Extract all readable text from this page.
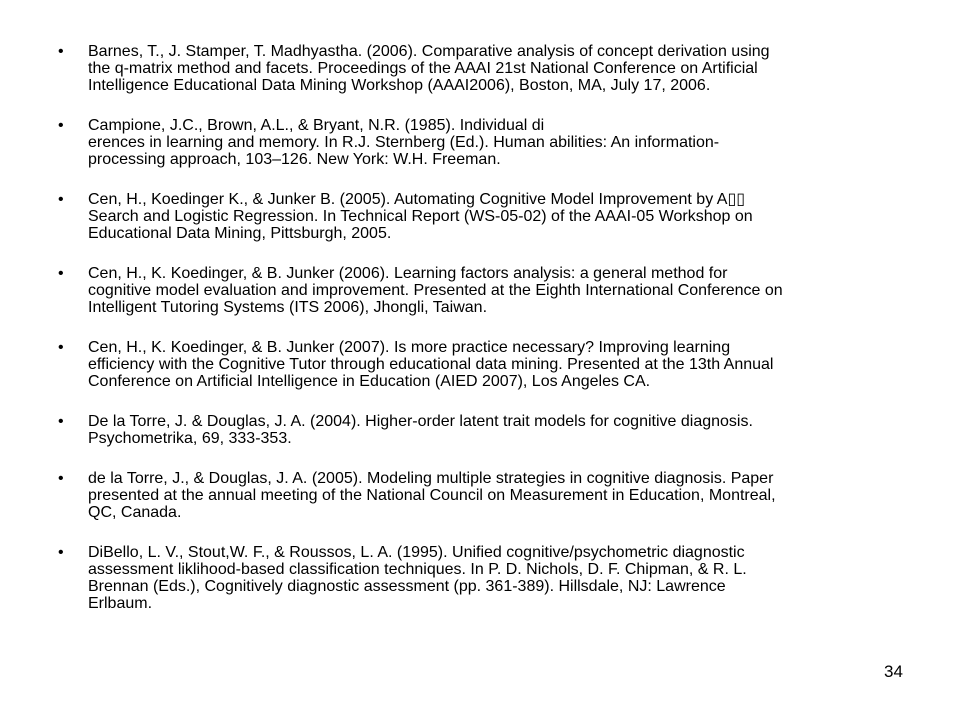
• Barnes, T., J. Stamper, T. Madhyastha. (2006). Comparative analysis of concept derivation using
the q-matrix method and facets. Proceedings of the AAAI 21st National Conference on Artificial
Intelligence Educational Data Mining Workshop (AAAI2006), Boston, MA, July 17, 2006.
• Campione, J.C., Brown, A.L., & Bryant, N.R. (1985). Individual di
erences in learning and memory. In R.J. Sternberg (Ed.). Human abilities: An information-
processing approach, 103–126. New York: W.H. Freeman.
• Cen, H., Koedinger K., & Junker B. (2005). Automating Cognitive Model Improvement by A▯▯
Search and Logistic Regression. In Technical Report (WS-05-02) of the AAAI-05 Workshop on
Educational Data Mining, Pittsburgh, 2005.
• Cen, H., K. Koedinger, & B. Junker (2006). Learning factors analysis: a general method for
cognitive model evaluation and improvement. Presented at the Eighth International Conference on
Intelligent Tutoring Systems (ITS 2006), Jhongli, Taiwan.
• Cen, H., K. Koedinger, & B. Junker (2007). Is more practice necessary? Improving learning
efficiency with the Cognitive Tutor through educational data mining. Presented at the 13th Annual
Conference on Artificial Intelligence in Education (AIED 2007), Los Angeles CA.
• De la Torre, J. & Douglas, J. A. (2004). Higher-order latent trait models for cognitive diagnosis.
Psychometrika, 69, 333-353.
• de la Torre, J., & Douglas, J. A. (2005). Modeling multiple strategies in cognitive diagnosis. Paper
presented at the annual meeting of the National Council on Measurement in Education, Montreal,
QC, Canada.
• DiBello, L. V., Stout,W. F., & Roussos, L. A. (1995). Unified cognitive/psychometric diagnostic
assessment liklihood-based classification techniques. In P. D. Nichols, D. F. Chipman, & R. L.
Brennan (Eds.), Cognitively diagnostic assessment (pp. 361-389). Hillsdale, NJ: Lawrence
Erlbaum.
34
